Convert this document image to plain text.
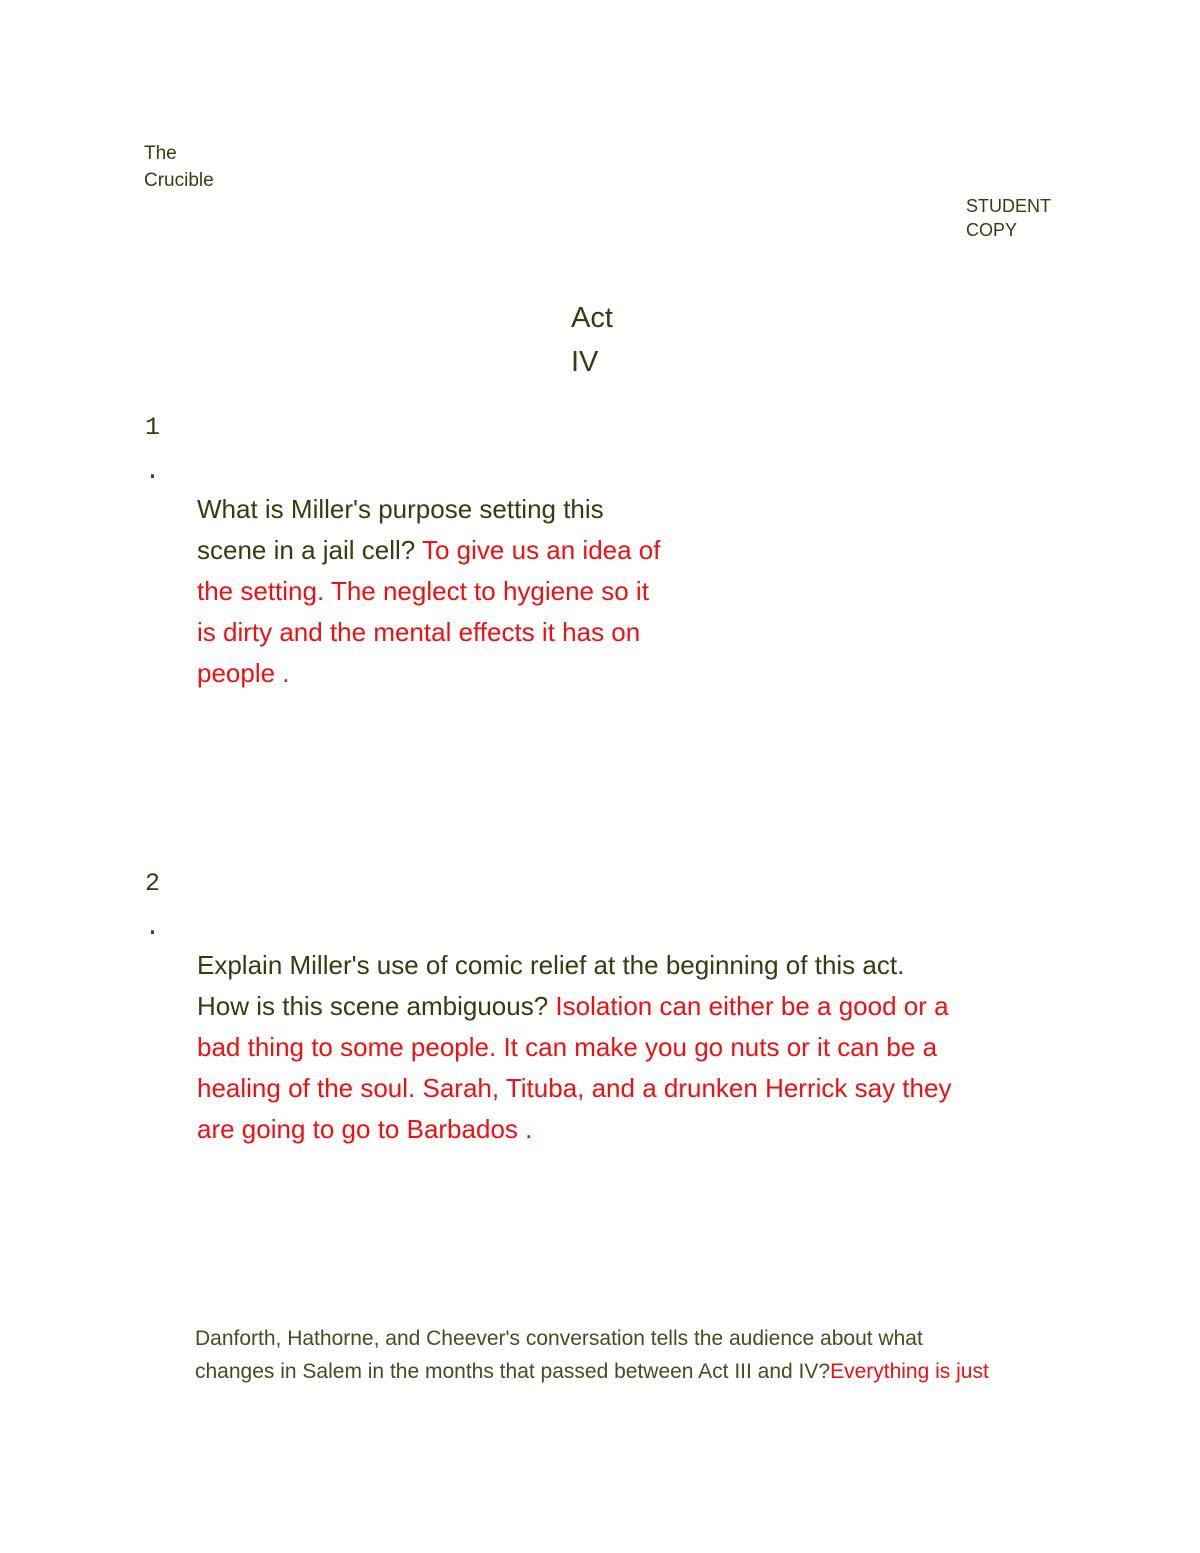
The
Crucible
STUDENT
COPY
Act
IV
1
.
What is Miller's purpose setting this
scene in a jail cell? To give us an idea of
the setting. The neglect to hygiene so it
is dirty and the mental effects it has on
people .
2
.
Explain Miller's use of comic relief at the beginning of this act.
How is this scene ambiguous? Isolation can either be a good or a
bad thing to some people. It can make you go nuts or it can be a
healing of the soul. Sarah, Tituba, and a drunken Herrick say they
are going to go to Barbados .
Danforth, Hathorne, and Cheever's conversation tells the audience about what
changes in Salem in the months that passed between Act III and IV?Everything is just
